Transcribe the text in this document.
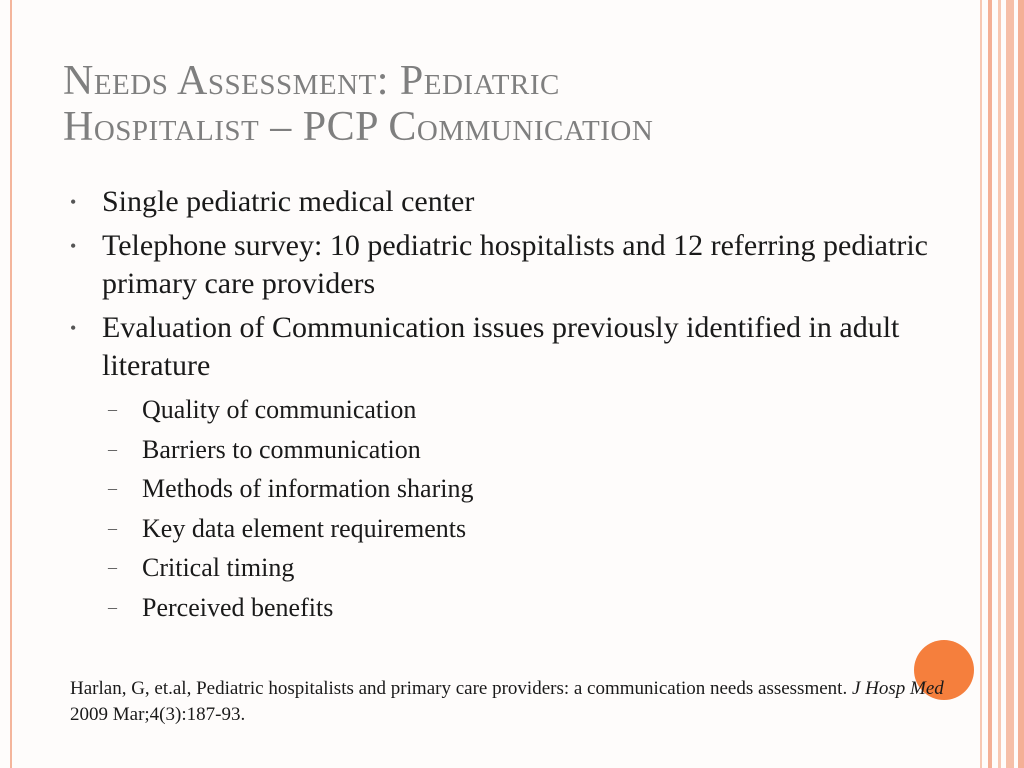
Needs Assessment: Pediatric
Hospitalist – PCP Communication
• Single pediatric medical center
• Telephone survey: 10 pediatric hospitalists and 12 referring pediatric primary care providers
• Evaluation of Communication issues previously identified in adult literature
– Quality of communication
– Barriers to communication
– Methods of information sharing
– Key data element requirements
– Critical timing
– Perceived benefits
Harlan, G, et.al, Pediatric hospitalists and primary care providers: a communication needs assessment. J Hosp Med 2009 Mar;4(3):187-93.
